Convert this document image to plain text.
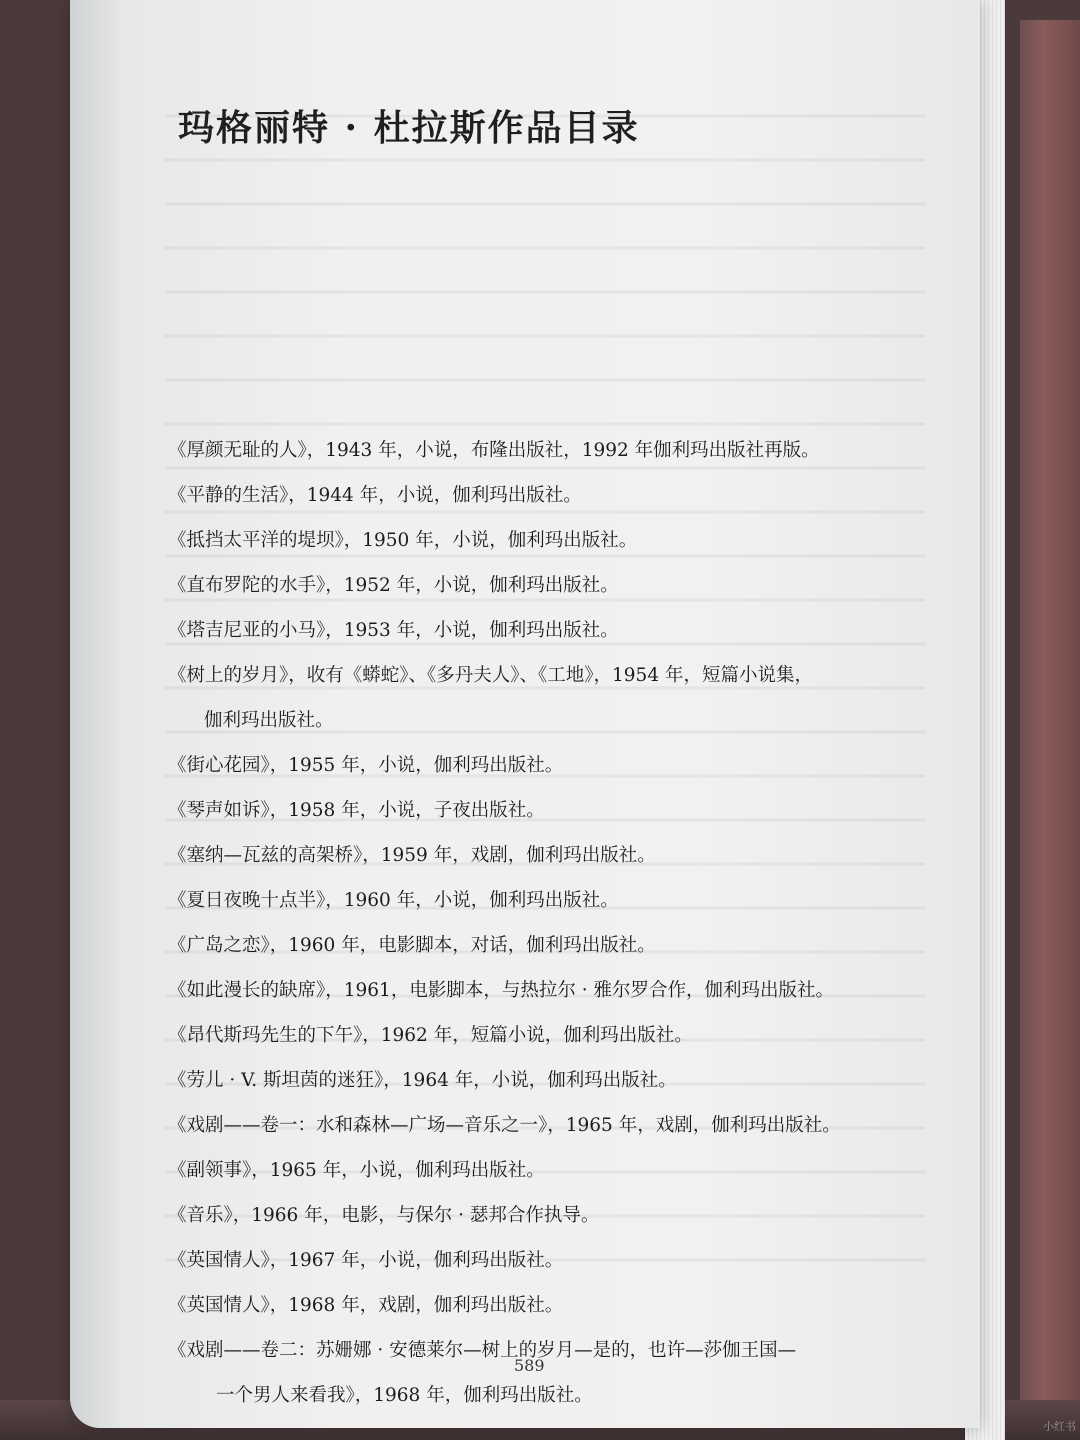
玛格丽特 · 杜拉斯作品目录
《厚颜无耻的人》，1943 年，小说，布隆出版社，1992 年伽利玛出版社再版。
《平静的生活》，1944 年，小说，伽利玛出版社。
《抵挡太平洋的堤坝》，1950 年，小说，伽利玛出版社。
《直布罗陀的水手》，1952 年，小说，伽利玛出版社。
《塔吉尼亚的小马》，1953 年，小说，伽利玛出版社。
《树上的岁月》，收有《蟒蛇》、《多丹夫人》、《工地》，1954 年，短篇小说集，
伽利玛出版社。
《街心花园》，1955 年，小说，伽利玛出版社。
《琴声如诉》，1958 年，小说，子夜出版社。
《塞纳—瓦兹的高架桥》，1959 年，戏剧，伽利玛出版社。
《夏日夜晚十点半》，1960 年，小说，伽利玛出版社。
《广岛之恋》，1960 年，电影脚本，对话，伽利玛出版社。
《如此漫长的缺席》，1961，电影脚本，与热拉尔 · 雅尔罗合作，伽利玛出版社。
《昂代斯玛先生的下午》，1962 年，短篇小说，伽利玛出版社。
《劳儿 · V. 斯坦茵的迷狂》，1964 年，小说，伽利玛出版社。
《戏剧——卷一：水和森林—广场—音乐之一》，1965 年，戏剧，伽利玛出版社。
《副领事》，1965 年，小说，伽利玛出版社。
《音乐》，1966 年，电影，与保尔 · 瑟邦合作执导。
《英国情人》，1967 年，小说，伽利玛出版社。
《英国情人》，1968 年，戏剧，伽利玛出版社。
《戏剧——卷二：苏姗娜 · 安德莱尔—树上的岁月—是的，也许—莎伽王国—
一个男人来看我》，1968 年，伽利玛出版社。
589
小红书
